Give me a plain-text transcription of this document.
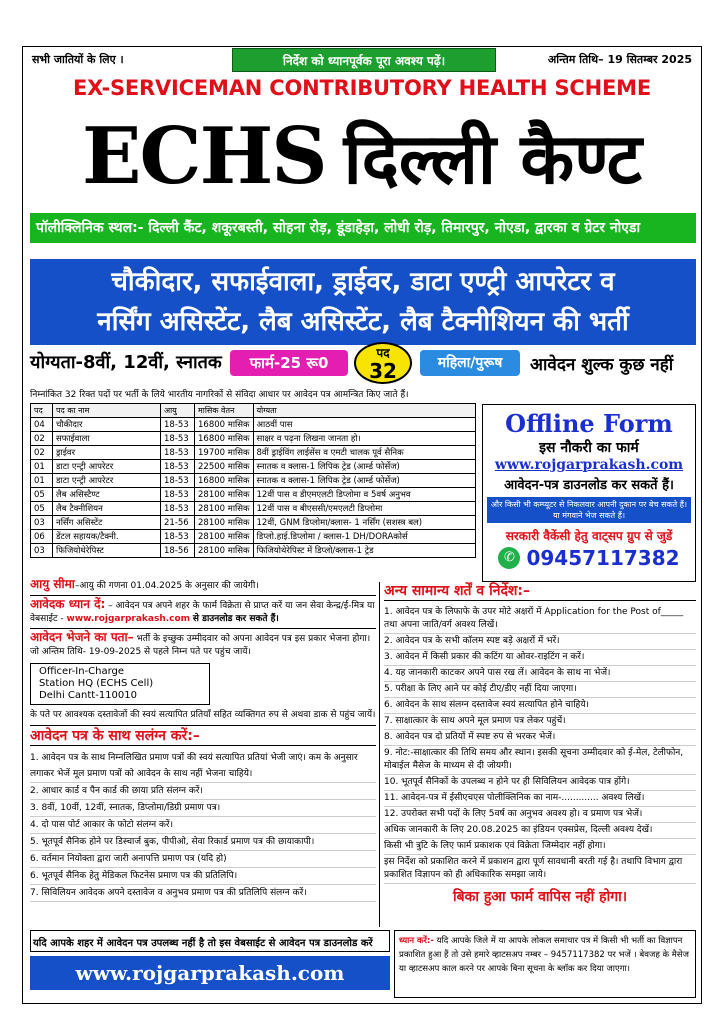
सभी जातियों के लिए ।	निर्देश को ध्यानपूर्वक पूरा अवश्य पढ़ें।	अन्तिम तिथि– 19 सितम्बर 2025
EX-SERVICEMAN CONTRIBUTORY HEALTH SCHEME
ECHS दिल्ली कैण्ट
पॉलीक्लिनिक स्थल:- दिल्ली कैंट, शकूरबस्ती, सोहना रोड़, डूंडाहेड़ा, लोधी रोड़, तिमारपुर, नोएडा, द्वारका व ग्रेटर नोएडा
चौकीदार, सफाईवाला, ड्राईवर, डाटा एण्ट्री आपरेटर व
नर्सिंग असिस्टेंट, लैब असिस्टेंट, लैब टैक्नीशियन की भर्ती
योग्यता-8वीं, 12वीं, स्नातक	फार्म-25 रू0
पद
32	महिला/पुरूष	आवेदन शुल्क कुछ नहीं
निम्नांकित 32 रिक्त पदों पर भर्ती के लिये भारतीय नागरिकों से संविदा आधार पर आवेदन पत्र आमन्त्रित किए जाते हैं।
पद	पद का नाम	आयु	मासिक वेतन	योग्यता
04	चौकीदार	18-53	16800 मासिक	आठवीं पास
02	सफाईवाला	18-53	16800 मासिक	साक्षर व पढ़ना लिखना जानता हो।
02	ड्राईवर	18-53	19700 मासिक	8वीं ड्राईविंग लाईसेंस व एमटी चालक पूर्व सैनिक
01	डाटा एन्ट्री आपरेटर	18-53	22500 मासिक	स्नातक व क्लास-1 लिपिक ट्रेड (आर्म्ड फोर्सेज)
01	डाटा एन्ट्री आपरेटर	18-53	16800 मासिक	स्नातक व क्लास-1 लिपिक ट्रेड (आर्म्ड फोर्सेज)
05	लैब असिस्टैण्ट	18-53	28100 मासिक	12वीं पास व डीएमएलटी डिप्लोमा व 5वर्ष अनुभव
05	लैब टैक्नीशियन	18-53	28100 मासिक	12वीं पास व बीएससी/एमएलटी डिप्लोमा
03	नर्सिंग असिस्टेंट	21-56	28100 मासिक	12वीं, GNM डिप्लोमा/क्लास- 1 नर्सिंग (सशस्त्र बल)
06	डेंटल सहायक/टैक्नी.	18-53	28100 मासिक	डिप्लो.हाई.डिप्लोमा / क्लास-1 DH/DORAकोर्स
03	फिजियोथेरेपिस्ट	18-56	28100 मासिक	फिजियोथेरेपिस्ट में डिप्लो/क्लास-1 ट्रेड
Offline Form
इस नौकरी का फार्म
www.rojgarprakash.com
आवेदन-पत्र डाउनलोड कर सकतें हैं।
और किसी भी कम्प्यूटर से निकलवार आपनी दुकान पर बेच सकते हैं। या मंगवाने भेज सकते हैं।
सरकारी वैकेंसी हेतु वाट्सप ग्रुप से जुडें
✆ 09457117382
आयु सीमा–आयु की गणना 01.04.2025 के अनुसार की जायेगी।
आवेदक ध्यान दें: – आवेदन पत्र अपने शहर के फार्म विक्रेता से प्राप्त करें या जन सेवा केन्द्र/ई-मित्र या वेबसाईट - www.rojgarprakash.com से डाउनलोड कर सकते हैं।
आवेदन भेजने का पता– भर्ती के इच्छुक उम्मीदवार को अपना आवेदन पत्र इस प्रकार भेजना होगा। जो अन्तिम तिथि- 19-09-2025 से पहले निम्न पते पर पहुंच जायें।
Officer-In-Charge
Station HQ (ECHS Cell)
Delhi Cantt-110010
के पते पर आवश्यक दस्तावेजों की स्वयं सत्यापित प्रतियाँ सहित व्यक्तिगत रुप से अथवा डाक से पहुंच जायें।
आवेदन पत्र के साथ सलंग्न करें:–
1. आवेदन पत्र के साथ निम्नलिखित प्रमाण पत्रों की स्वयं सत्यापित प्रतियां भेजी जाएं। कम के अनुसार लगाकर भेजें मूल प्रमाण पत्रों को आवेदन के साथ नहीं भेजना चाहिये।
2. आधार कार्ड व पैन कार्ड की छाया प्रति संलग्न करें।
3. 8वीं, 10वीं, 12वीं, स्नातक, डिप्लोमा/डिग्री प्रमाण पत्र।
4. दो पास पोर्ट आकार के फोटो संलग्न करें।
5. भूतपूर्व सैनिक होने पर डिस्चार्ज बुक, पीपीओ, सेवा रिकार्ड प्रमाण पत्र की छायाकापी।
6. वर्तमान नियोक्ता द्वारा जारी अनापत्ति प्रमाण पत्र (यदि हो)
6. भूतपूर्व सैनिक हेतु मेडिकल फिटनेस प्रमाण पत्र की प्रतिलिपि।
7. सिविलियन आवेदक अपने दस्तावेज व अनुभव प्रमाण पत्र की प्रतिलिपि संलग्न करें।
अन्य सामान्य शर्तें व निर्देश:–
1. आवेदन पत्र के लिफाफे के उपर मोटे अक्षरों में Application for the Post of_____ तथा अपना जाति/वर्ग अवश्य लिखें।
2. आवेदन पत्र के सभी कॉलम स्पष्ट बड़े अक्षरों में भरें।
3. आवेदन में किसी प्रकार की कटिंग या ओवर-राइटिंग न करें।
4. यह जानकारी काटकर अपने पास रख लें। आवेदन के साथ ना भेजें।
5. परीक्षा के लिए आने पर कोई टीए/डीए नहीं दिया जाएगा।
6. आवेदन के साथ संलग्न दस्तावेज स्वयं सत्यापित होने चाहिये।
7. साक्षात्कार के साथ अपने मूल प्रमाण पत्र लेकर पहुंचें।
8. आवेदन पत्र दो प्रतियों में स्पष्ट रुप से भरकर भेजें।
9. नोट:-साक्षात्कार की तिथि समय और स्थान। इसकी सूचना उम्मीदवार को ई-मेल, टेलीफोन, मोबाईल मैसेज के माध्यम से दी जोयगी।
10. भूतपूर्व सैनिकों के उपलब्ध न होने पर ही सिविलियन आवेदक पात्र होंगे।
11. आवेदन-पत्र में ईसीएचएस पोलीक्लिनिक का नाम-............. अवश्य लिखें।
12. उपरोक्त सभी पदों के लिए 5वर्ष का अनुभव अवश्य हो। व प्रमाण पत्र भेजें।
अधिक जानकारी के लिए 20.08.2025 का इंडियन एक्सप्रेस, दिल्ली अवश्य देखें।
किसी भी त्रुटि के लिए फार्म प्रकाशक एवं विक्रेता जिम्मेदार नहीं होगा।
इस निर्देश को प्रकाशित करने में प्रकाशन द्वारा पूर्ण सावधानी बरती गई है। तथापि विभाग द्वारा प्रकाशित विज्ञापन को ही अधिकारिक समझा जाये।
बिका हुआ फार्म वापिस नहीं होगा।
यदि आपके शहर में आवेदन पत्र उपलब्ध नहीं है तो इस वेबसाईट से आवेदन पत्र डाउनलोड करें
www.rojgarprakash.com
ध्यान करें:- यदि आपके जिले में या आपके लोकल समाचार पत्र में किसी भी भर्ती का विज्ञापन प्रकाशित हुआ हैं तो उसे हमारे व्हाटसअप नम्बर – 9457117382 पर भजें । बेवजह के मैसेज या व्हाटसअप काल करने पर आपके बिना सूचना के ब्लॉक कर दिया जाएगा।
